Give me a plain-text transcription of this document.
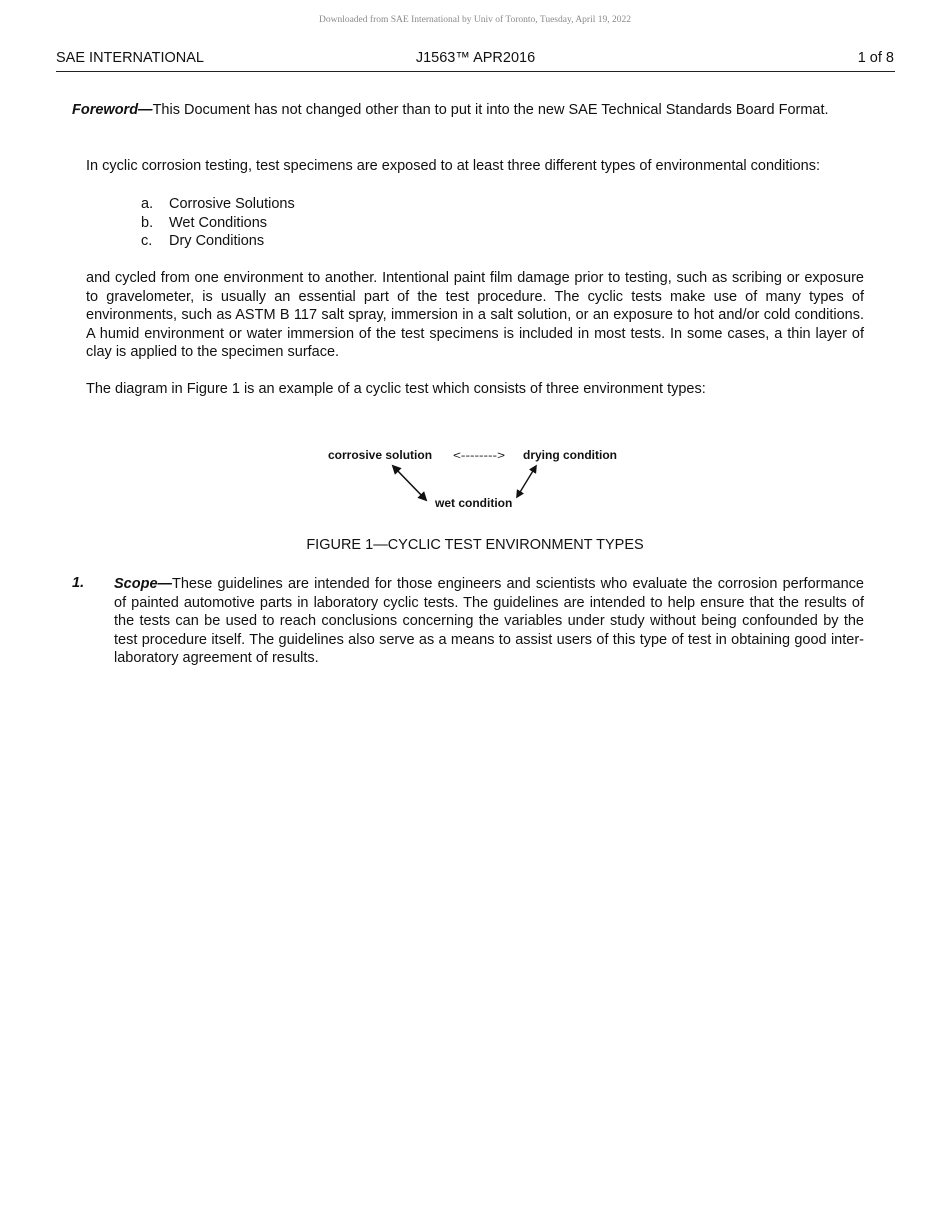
Downloaded from SAE International by Univ of Toronto, Tuesday, April 19, 2022
SAE INTERNATIONAL	J1563™ APR2016	1 of 8

Foreword—This Document has not changed other than to put it into the new SAE Technical Standards Board Format.

In cyclic corrosion testing, test specimens are exposed to at least three different types of environmental conditions:

a. Corrosive Solutions
b. Wet Conditions
c. Dry Conditions

and cycled from one environment to another. Intentional paint film damage prior to testing, such as scribing or exposure to gravelometer, is usually an essential part of the test procedure. The cyclic tests make use of many types of environments, such as ASTM B 117 salt spray, immersion in a salt solution, or an exposure to hot and/or cold conditions. A humid environment or water immersion of the test specimens is included in most tests. In some cases, a thin layer of clay is applied to the specimen surface.

The diagram in Figure 1 is an example of a cyclic test which consists of three environment types:

corrosive solution <--------> drying condition
wet condition
FIGURE 1—CYCLIC TEST ENVIRONMENT TYPES
1. Scope—These guidelines are intended for those engineers and scientists who evaluate the corrosion performance of painted automotive parts in laboratory cyclic tests. The guidelines are intended to help ensure that the results of the tests can be used to reach conclusions concerning the variables under study without being confounded by the test procedure itself. The guidelines also serve as a means to assist users of this type of test in obtaining good inter-laboratory agreement of results.
